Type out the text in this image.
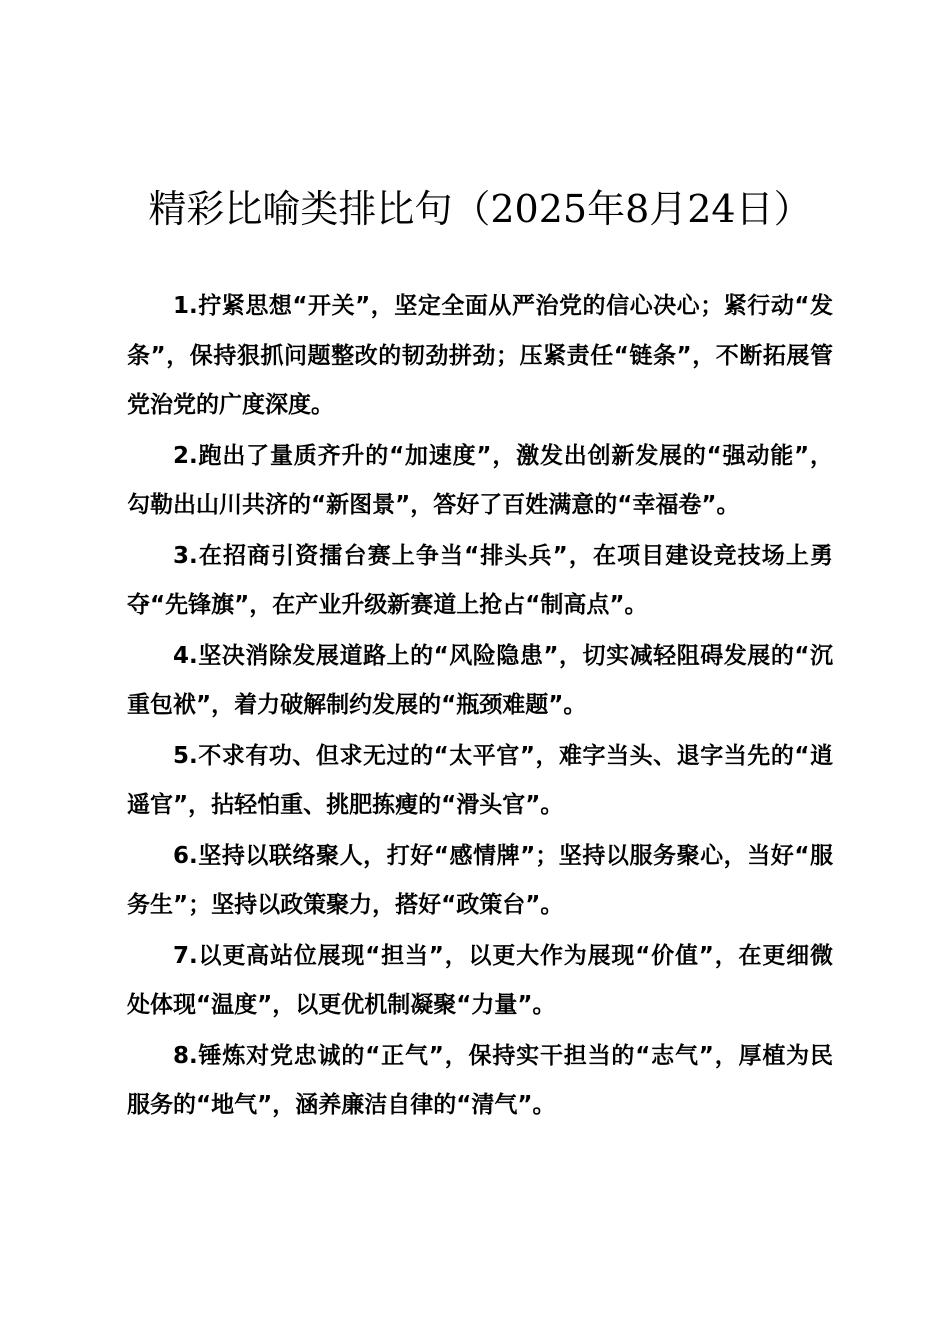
精彩比喻类排比句（2025年8月24日）

1.拧紧思想“开关”，坚定全面从严治党的信心决心；紧行动“发条”，保持狠抓问题整改的韧劲拼劲；压紧责任“链条”，不断拓展管党治党的广度深度。

2.跑出了量质齐升的“加速度”，激发出创新发展的“强动能”，勾勒出山川共济的“新图景”，答好了百姓满意的“幸福卷”。

3.在招商引资擂台赛上争当“排头兵”，在项目建设竞技场上勇夺“先锋旗”，在产业升级新赛道上抢占“制高点”。

4.坚决消除发展道路上的“风险隐患”，切实减轻阻碍发展的“沉重包袱”，着力破解制约发展的“瓶颈难题”。

5.不求有功、但求无过的“太平官”，难字当头、退字当先的“逍遥官”，拈轻怕重、挑肥拣瘦的“滑头官”。

6.坚持以联络聚人，打好“感情牌”；坚持以服务聚心，当好“服务生”；坚持以政策聚力，搭好“政策台”。

7.以更高站位展现“担当”，以更大作为展现“价值”，在更细微处体现“温度”，以更优机制凝聚“力量”。

8.锤炼对党忠诚的“正气”，保持实干担当的“志气”，厚植为民服务的“地气”，涵养廉洁自律的“清气”。
